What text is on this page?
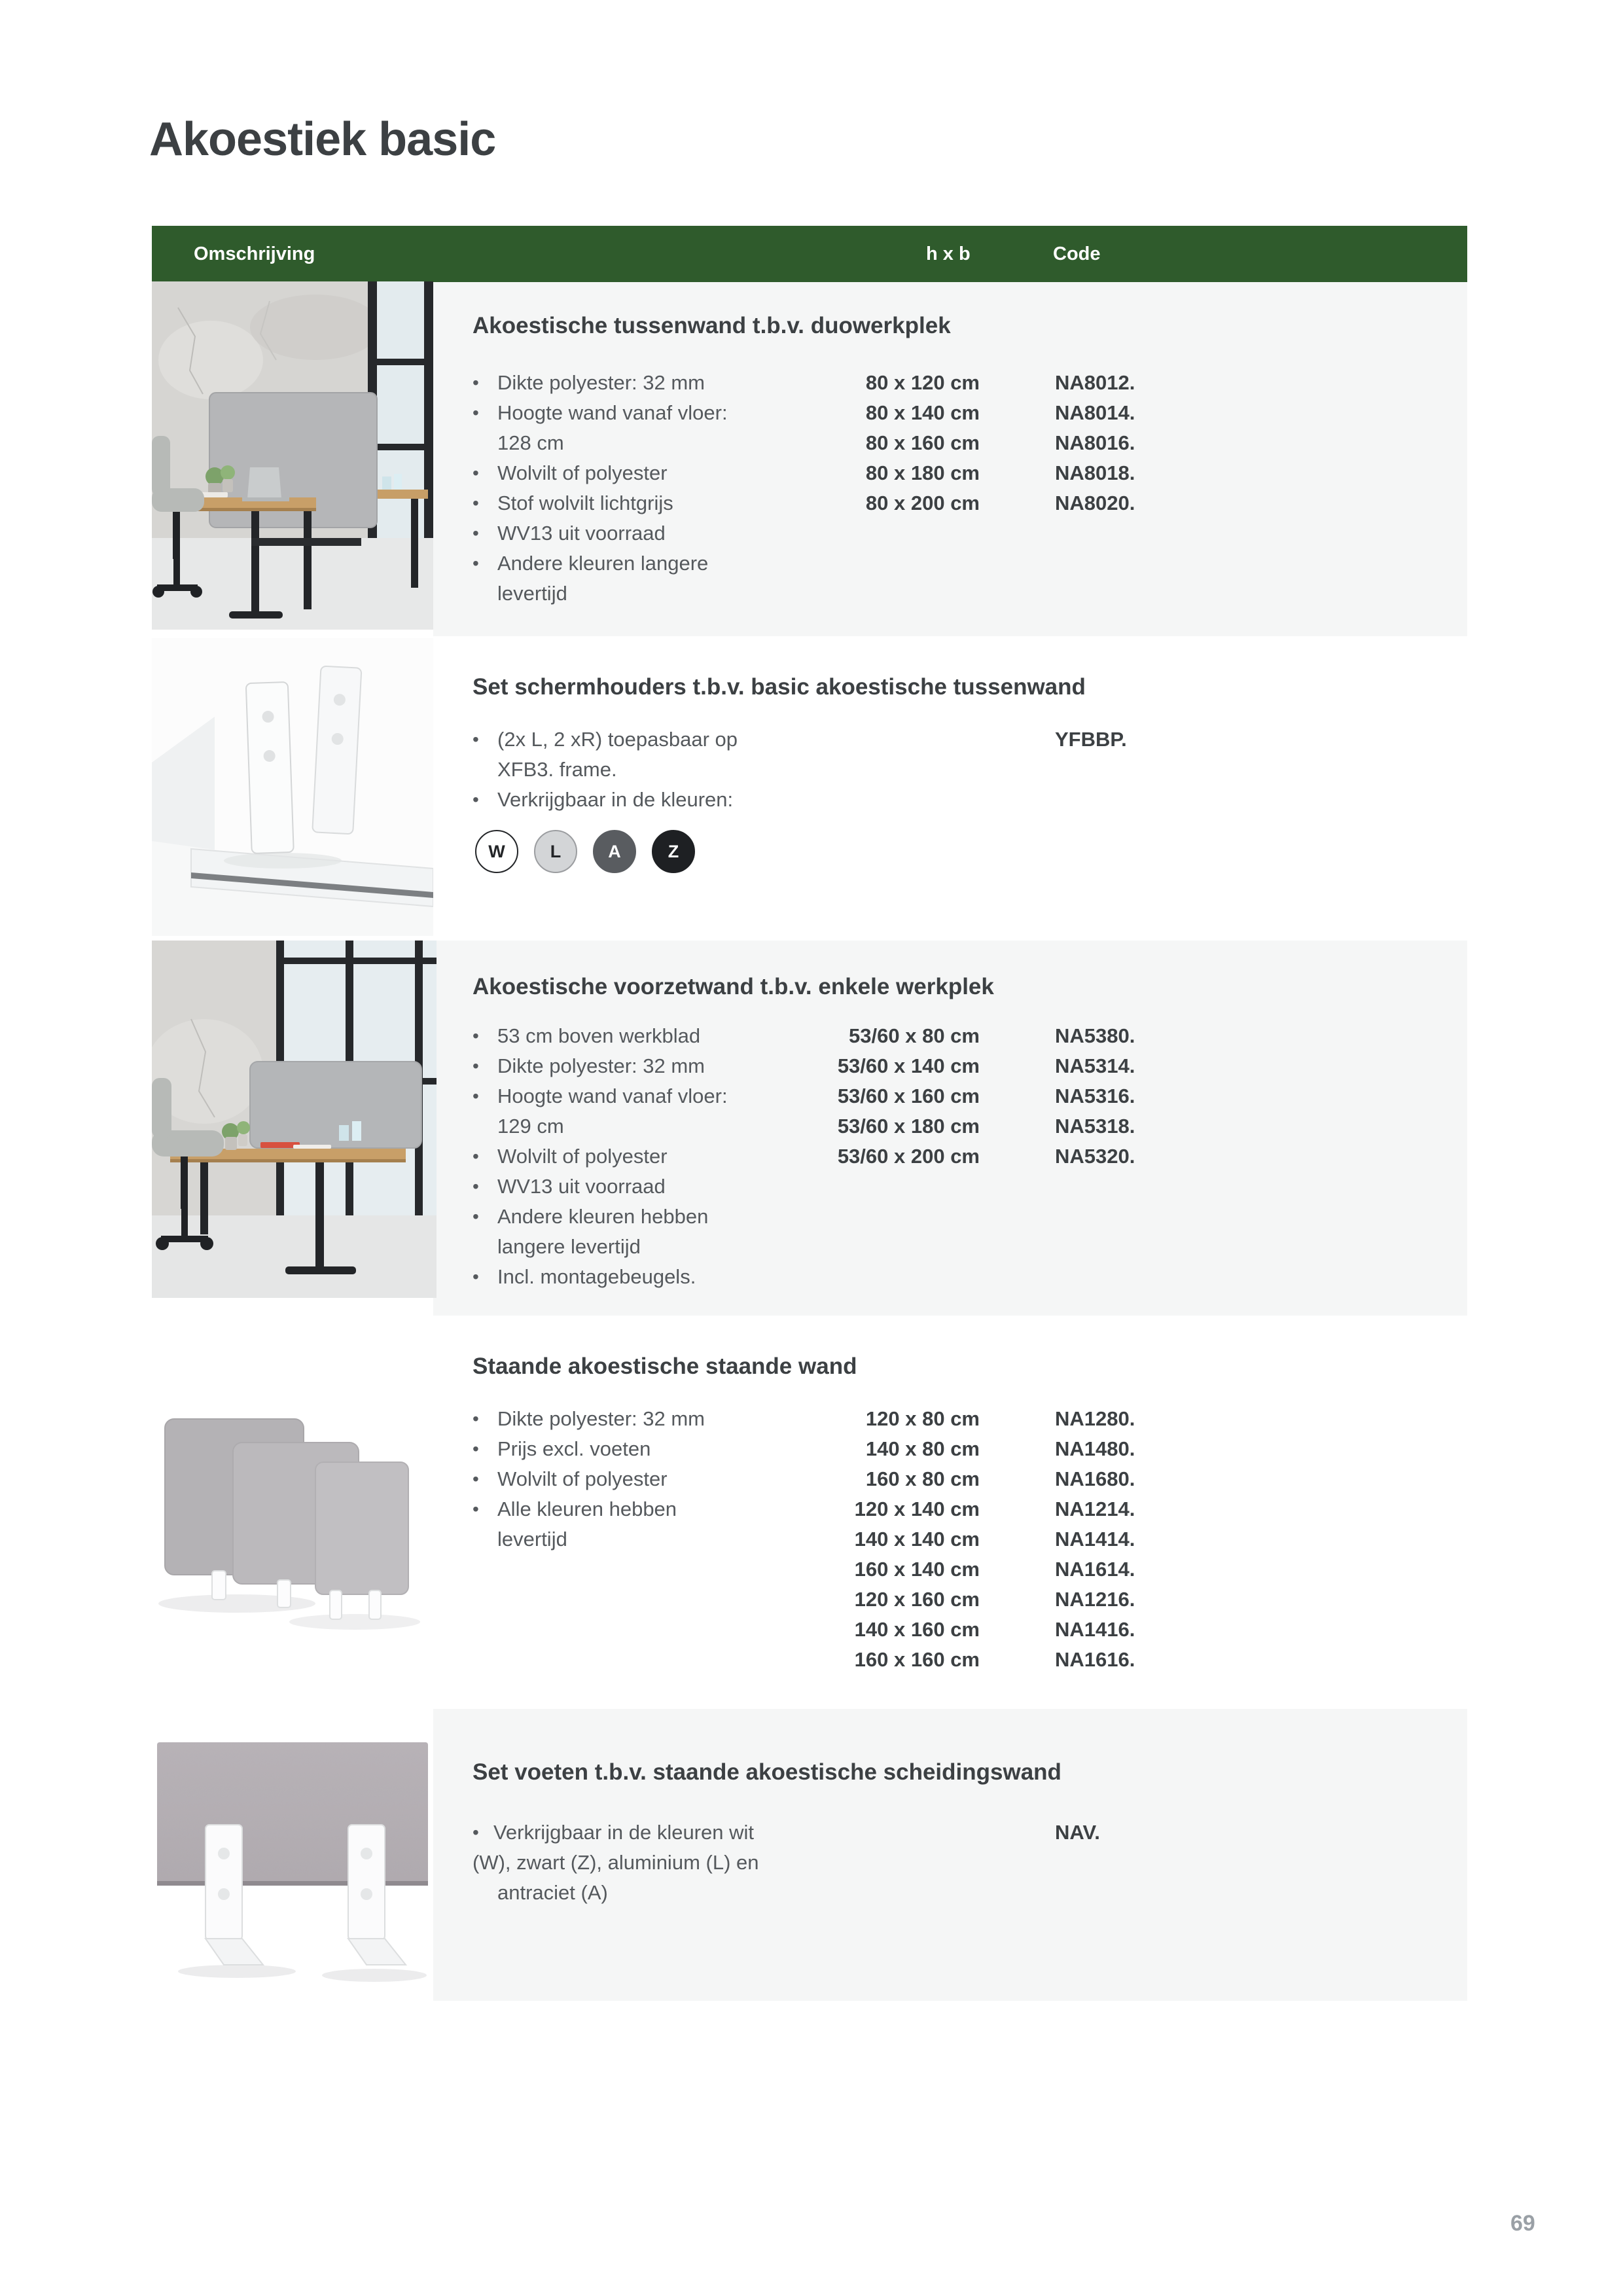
Akoestiek basic
Omschrijving	h x b	Code
Akoestische tussenwand t.b.v. duowerkplek
• Dikte polyester: 32 mm
• Hoogte wand vanaf vloer:
128 cm
• Wolvilt of polyester
• Stof wolvilt lichtgrijs
• WV13 uit voorraad
• Andere kleuren langere
levertijd
80 x 120 cm	NA8012.
80 x 140 cm	NA8014.
80 x 160 cm	NA8016.
80 x 180 cm	NA8018.
80 x 200 cm	NA8020.
Set schermhouders t.b.v. basic akoestische tussenwand
• (2x L, 2 xR) toepasbaar op
XFB3. frame.
• Verkrijgbaar in de kleuren:
YFBBP.
W	L	A	Z
Akoestische voorzetwand t.b.v. enkele werkplek
• 53 cm boven werkblad
• Dikte polyester: 32 mm
• Hoogte wand vanaf vloer:
129 cm
• Wolvilt of polyester
• WV13 uit voorraad
• Andere kleuren hebben
langere levertijd
• Incl. montagebeugels.
53/60 x 80 cm	NA5380.
53/60 x 140 cm	NA5314.
53/60 x 160 cm	NA5316.
53/60 x 180 cm	NA5318.
53/60 x 200 cm	NA5320.
Staande akoestische staande wand
• Dikte polyester: 32 mm
• Prijs excl. voeten
• Wolvilt of polyester
• Alle kleuren hebben
levertijd
120 x 80 cm	NA1280.
140 x 80 cm	NA1480.
160 x 80 cm	NA1680.
120 x 140 cm	NA1214.
140 x 140 cm	NA1414.
160 x 140 cm	NA1614.
120 x 160 cm	NA1216.
140 x 160 cm	NA1416.
160 x 160 cm	NA1616.
Set voeten t.b.v. staande akoestische scheidingswand
• Verkrijgbaar in de kleuren wit
(W), zwart (Z), aluminium (L) en
antraciet (A)
NAV.
69
